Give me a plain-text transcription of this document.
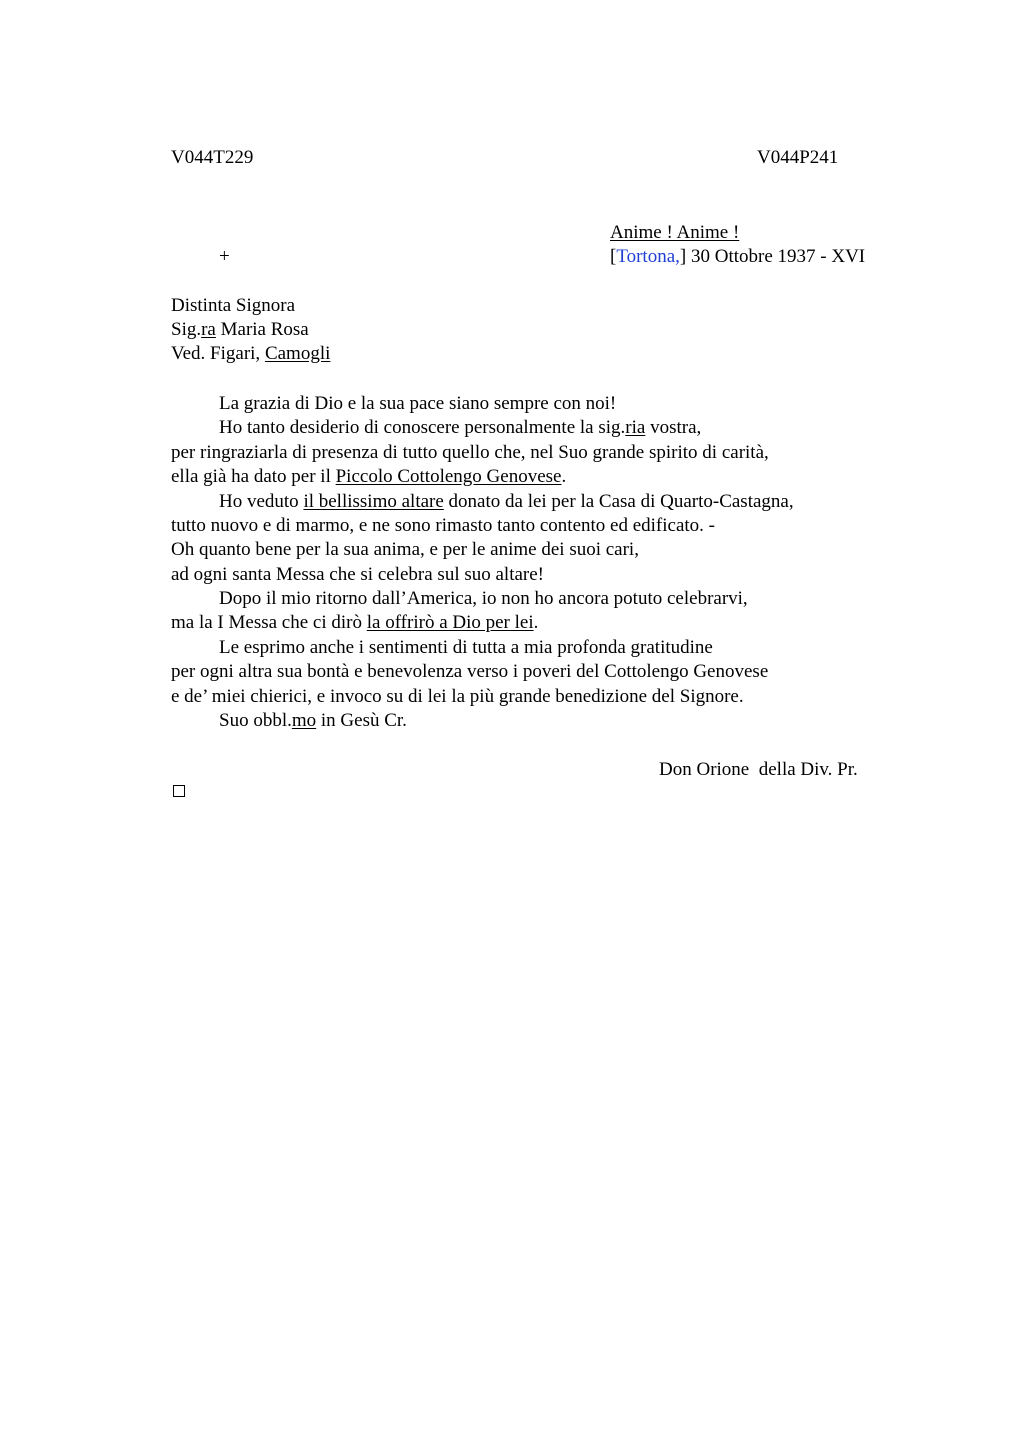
V044T229	V044P241
Anime ! Anime !
+	[Tortona,] 30 Ottobre 1937 - XVI
Distinta Signora
Sig.ra Maria Rosa
Ved. Figari, Camogli
La grazia di Dio e la sua pace siano sempre con noi!
Ho tanto desiderio di conoscere personalmente la sig.ria vostra,
per ringraziarla di presenza di tutto quello che, nel Suo grande spirito di carità,
ella già ha dato per il Piccolo Cottolengo Genovese.
Ho veduto il bellissimo altare donato da lei per la Casa di Quarto-Castagna,
tutto nuovo e di marmo, e ne sono rimasto tanto contento ed edificato. -
Oh quanto bene per la sua anima, e per le anime dei suoi cari,
ad ogni santa Messa che si celebra sul suo altare!
Dopo il mio ritorno dall’America, io non ho ancora potuto celebrarvi,
ma la I Messa che ci dirò la offrirò a Dio per lei.
Le esprimo anche i sentimenti di tutta a mia profonda gratitudine
per ogni altra sua bontà e benevolenza verso i poveri del Cottolengo Genovese
e de’ miei chierici, e invoco su di lei la più grande benedizione del Signore.
Suo obbl.mo in Gesù Cr.
Don Orione  della Div. Pr.
